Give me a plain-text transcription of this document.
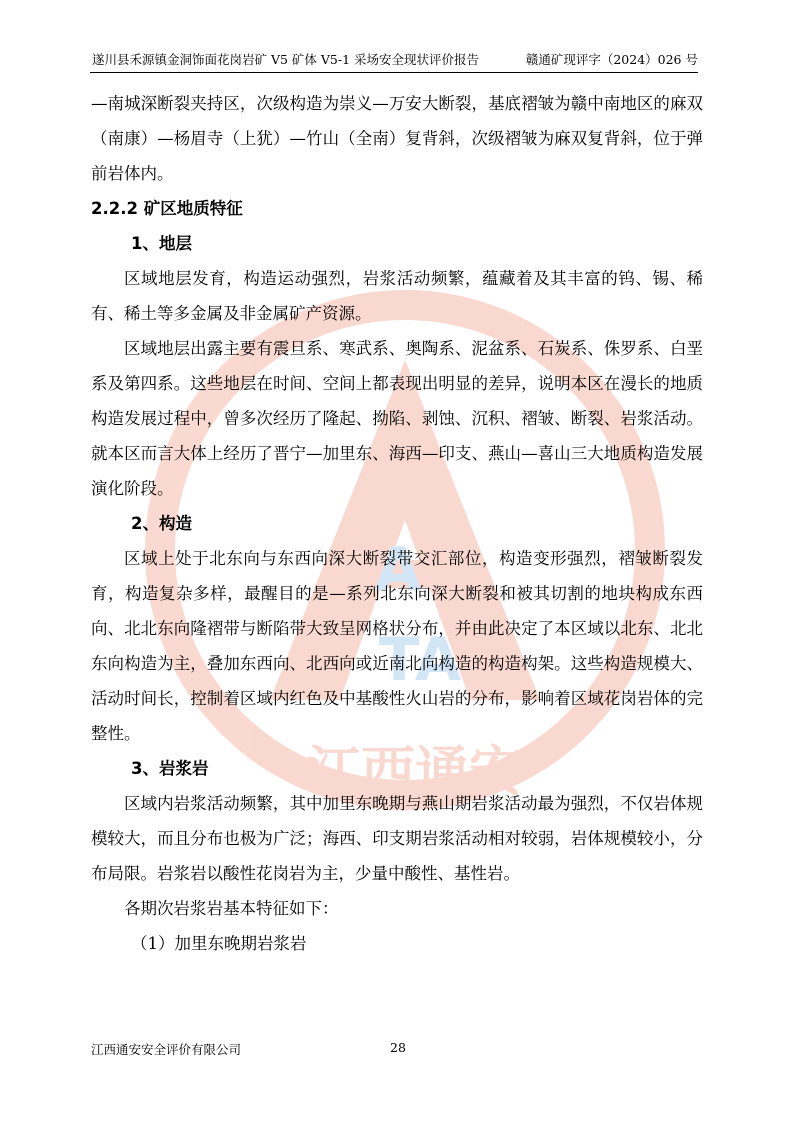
A
TA
江西通安
遂川县禾源镇金洞饰面花岗岩矿 V5 矿体 V5-1 采场安全现状评价报告	赣通矿现评字（2024）026 号

—南城深断裂夹持区，次级构造为崇义—万安大断裂，基底褶皱为赣中南地区的麻双（南康）—杨眉寺（上犹）—竹山（全南）复背斜，次级褶皱为麻双复背斜，位于弹前岩体内。

2.2.2 矿区地质特征

1、地层

区域地层发育，构造运动强烈，岩浆活动频繁，蕴藏着及其丰富的钨、锡、稀有、稀土等多金属及非金属矿产资源。

区域地层出露主要有震旦系、寒武系、奥陶系、泥盆系、石炭系、侏罗系、白垩系及第四系。这些地层在时间、空间上都表现出明显的差异，说明本区在漫长的地质构造发展过程中，曾多次经历了隆起、拗陷、剥蚀、沉积、褶皱、断裂、岩浆活动。就本区而言大体上经历了晋宁—加里东、海西—印支、燕山—喜山三大地质构造发展演化阶段。

2、构造

区域上处于北东向与东西向深大断裂带交汇部位，构造变形强烈，褶皱断裂发育，构造复杂多样，最醒目的是—系列北东向深大断裂和被其切割的地块构成东西向、北北东向隆褶带与断陷带大致呈网格状分布，并由此决定了本区域以北东、北北东向构造为主，叠加东西向、北西向或近南北向构造的构造构架。这些构造规模大、活动时间长，控制着区域内红色及中基酸性火山岩的分布，影响着区域花岗岩体的完整性。

3、岩浆岩

区域内岩浆活动频繁，其中加里东晚期与燕山期岩浆活动最为强烈，不仅岩体规模较大，而且分布也极为广泛；海西、印支期岩浆活动相对较弱，岩体规模较小，分布局限。岩浆岩以酸性花岗岩为主，少量中酸性、基性岩。

各期次岩浆岩基本特征如下：

（1）加里东晚期岩浆岩

江西通安安全评价有限公司	28
